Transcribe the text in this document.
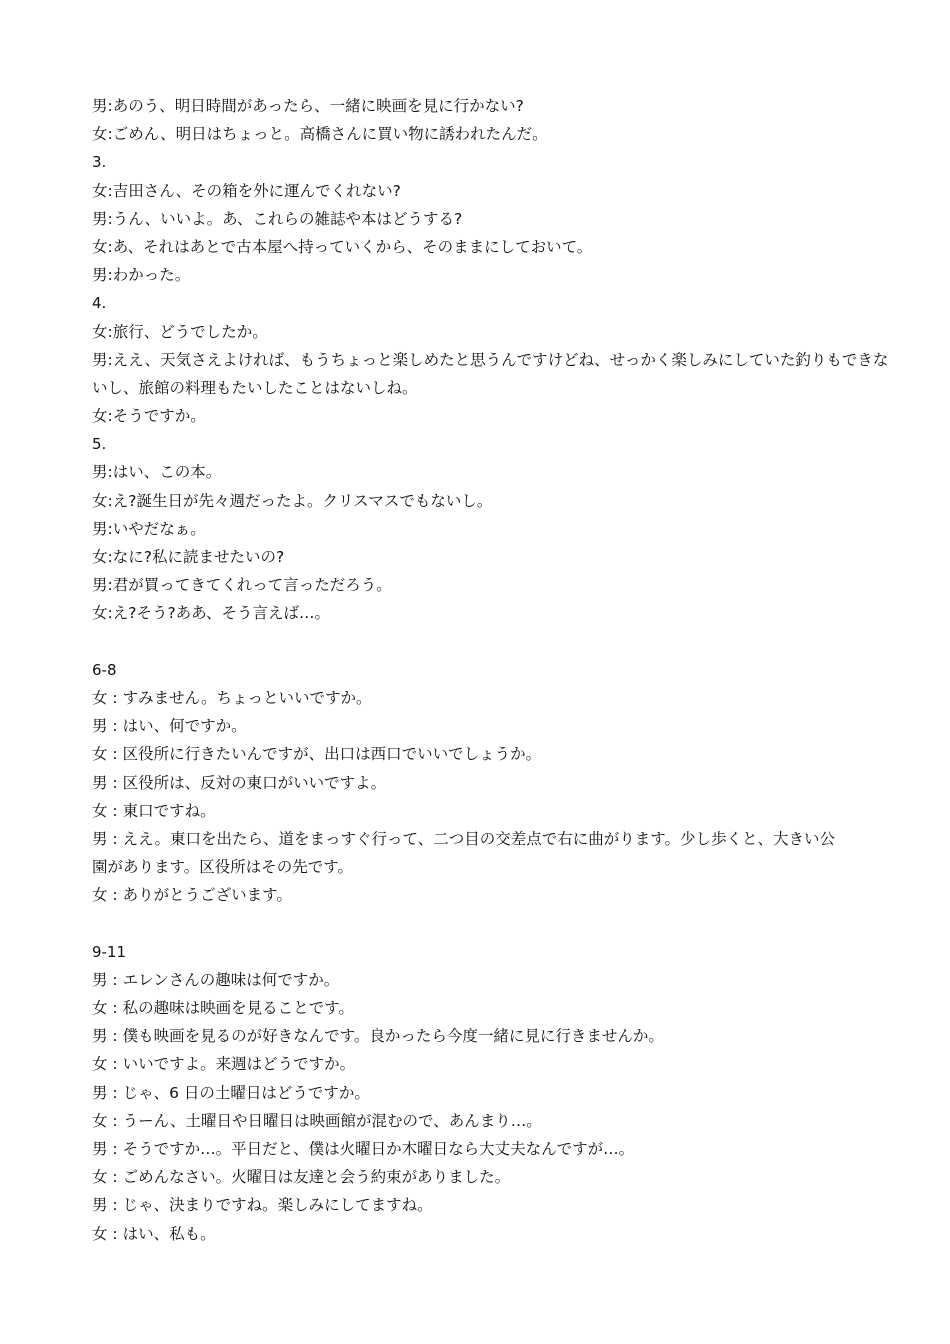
男:あのう、明日時間があったら、一緒に映画を見に行かない?
女:ごめん、明日はちょっと。高橋さんに買い物に誘われたんだ。
3.
女:吉田さん、その箱を外に運んでくれない?
男:うん、いいよ。あ、これらの雑誌や本はどうする?
女:あ、それはあとで古本屋へ持っていくから、そのままにしておいて。
男:わかった。
4.
女:旅行、どうでしたか。
男:ええ、天気さえよければ、もうちょっと楽しめたと思うんですけどね、せっかく楽しみにしていた釣りもできな
いし、旅館の料理もたいしたことはないしね。
女:そうですか。
5.
男:はい、この本。
女:え?誕生日が先々週だったよ。クリスマスでもないし。
男:いやだなぁ。
女:なに?私に読ませたいの?
男:君が買ってきてくれって言っただろう。
女:え?そう?ああ、そう言えば…。
6-8
女 : すみません。ちょっといいですか。
男 : はい、何ですか。
女 : 区役所に行きたいんですが、出口は西口でいいでしょうか。
男 : 区役所は、反対の東口がいいですよ。
女 : 東口ですね。
男 : ええ。東口を出たら、道をまっすぐ行って、二つ目の交差点で右に曲がります。少し歩くと、大きい公
園があります。区役所はその先です。
女 : ありがとうございます。
9-11
男 : エレンさんの趣味は何ですか。
女 : 私の趣味は映画を見ることです。
男 : 僕も映画を見るのが好きなんです。良かったら今度一緒に見に行きませんか。
女 : いいですよ。来週はどうですか。
男 : じゃ、6 日の土曜日はどうですか。
女 : うーん、土曜日や日曜日は映画館が混むので、あんまり…。
男 : そうですか…。平日だと、僕は火曜日か木曜日なら大丈夫なんですが…。
女 : ごめんなさい。火曜日は友達と会う約束がありました。
男 : じゃ、決まりですね。楽しみにしてますね。
女 : はい、私も。
